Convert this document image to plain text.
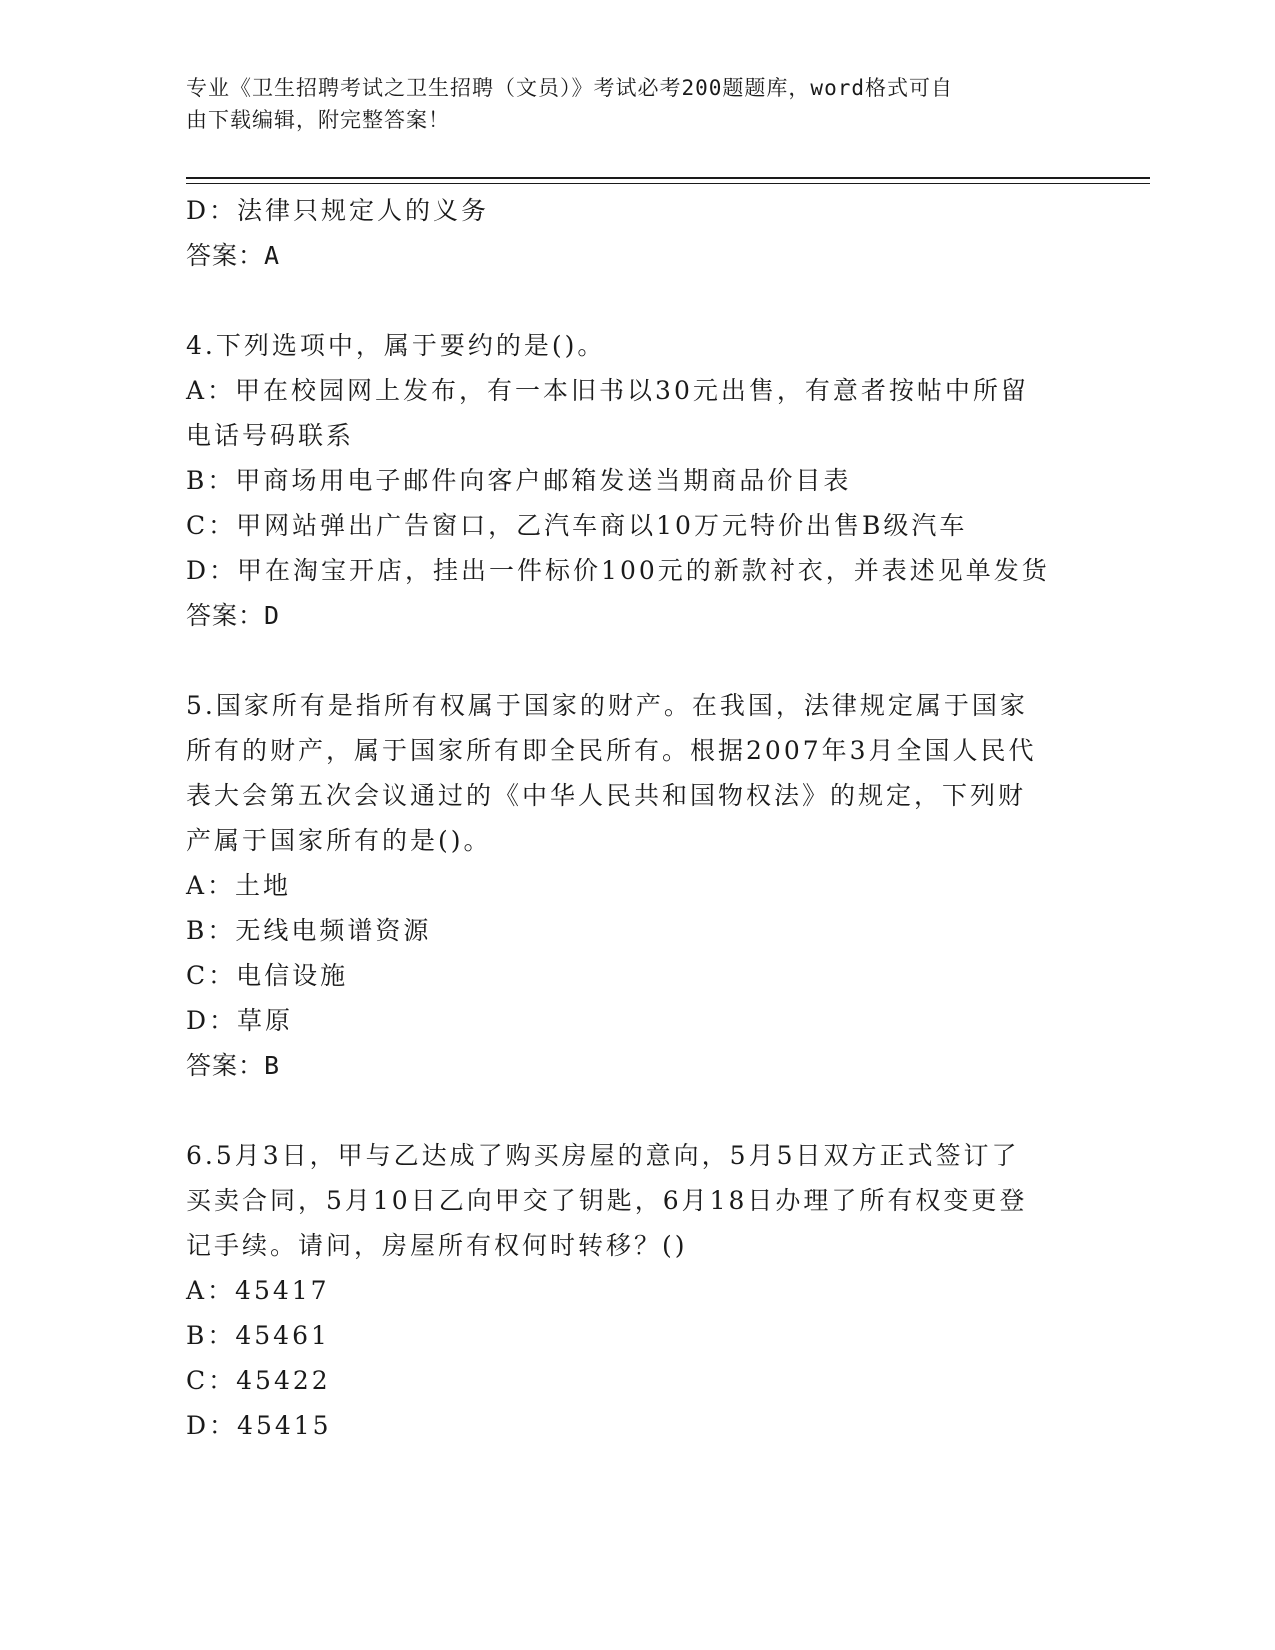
专业《卫生招聘考试之卫生招聘（文员）》考试必考200题题库，word格式可自
由下载编辑，附完整答案！

D：法律只规定人的义务

答案：A

4.下列选项中，属于要约的是()。

A：甲在校园网上发布，有一本旧书以30元出售，有意者按帖中所留

电话号码联系

B：甲商场用电子邮件向客户邮箱发送当期商品价目表

C：甲网站弹出广告窗口，乙汽车商以10万元特价出售B级汽车

D：甲在淘宝开店，挂出一件标价100元的新款衬衣，并表述见单发货

答案：D

5.国家所有是指所有权属于国家的财产。在我国，法律规定属于国家

所有的财产，属于国家所有即全民所有。根据2007年3月全国人民代

表大会第五次会议通过的《中华人民共和国物权法》的规定，下列财

产属于国家所有的是()。

A：土地

B：无线电频谱资源

C：电信设施

D：草原

答案：B

6.5月3日，甲与乙达成了购买房屋的意向，5月5日双方正式签订了

买卖合同，5月10日乙向甲交了钥匙，6月18日办理了所有权变更登

记手续。请问，房屋所有权何时转移？()

A：45417

B：45461

C：45422

D：45415
